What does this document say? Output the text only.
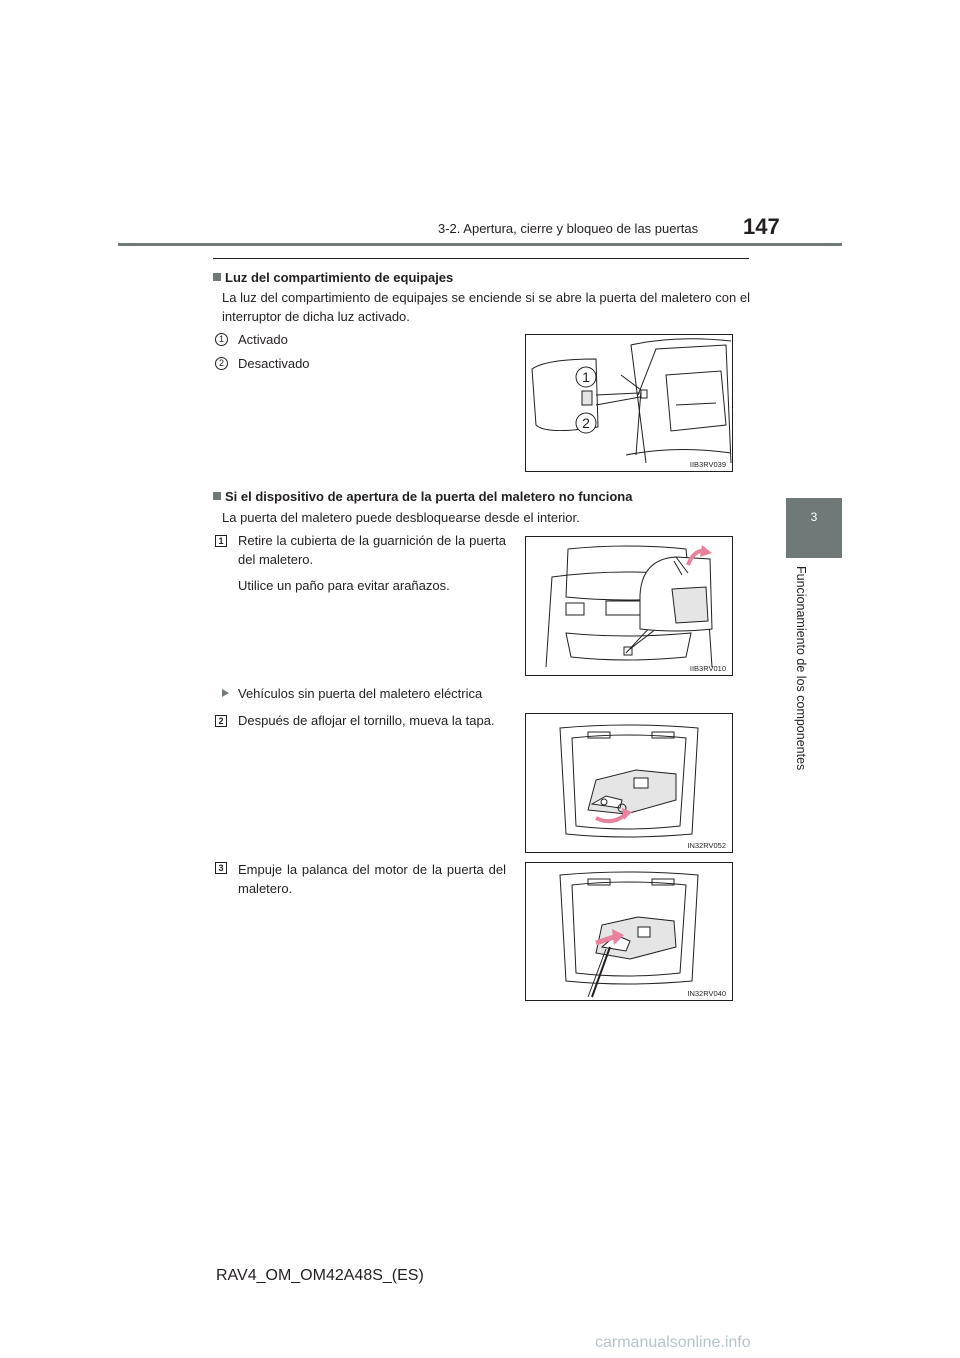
3-2. Apertura, cierre y bloqueo de las puertas 147
3
Funcionamiento de los componentes
Luz del compartimiento de equipajes
La luz del compartimiento de equipajes se enciende si se abre la puerta del maletero con el interruptor de dicha luz activado.
1	Activado
2	Desactivado
1
2
IIB3RV039
Si el dispositivo de apertura de la puerta del maletero no funciona
La puerta del maletero puede desbloquearse desde el interior.
1 Retire la cubierta de la guarnición de la puerta del maletero.
Utilice un paño para evitar arañazos.
IIB3RV010
Vehículos sin puerta del maletero eléctrica
2 Después de aflojar el tornillo, mueva la tapa.
IN32RV052
3 Empuje la palanca del motor de la puerta del maletero.
IN32RV040
RAV4_OM_OM42A48S_(ES)
carmanualsonline.info
